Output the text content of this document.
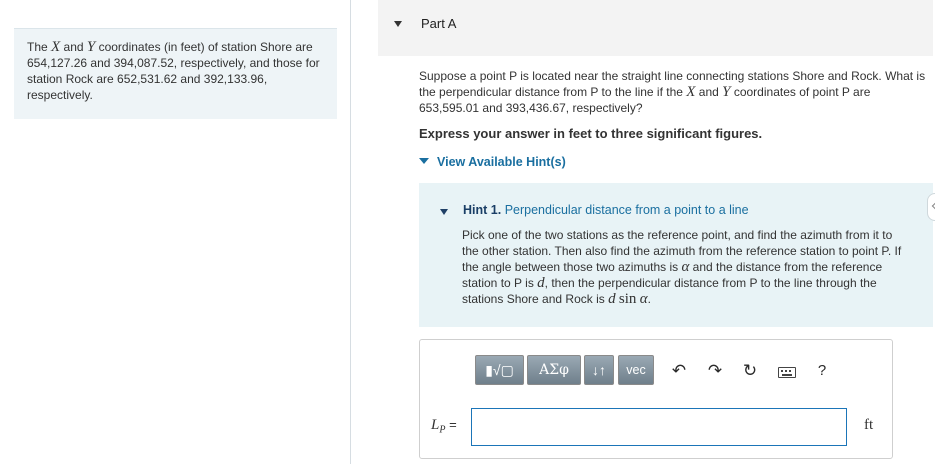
The X and Y coordinates (in feet) of station Shore are 654,127.26 and 394,087.52, respectively, and those for station Rock are 652,531.62 and 392,133.96, respectively.
Part A
Suppose a point P is located near the straight line connecting stations Shore and Rock. What is the perpendicular distance from P to the line if the X and Y coordinates of point P are 653,595.01 and 393,436.67, respectively?
Express your answer in feet to three significant figures.
View Available Hint(s)
Hint 1. Perpendicular distance from a point to a line
Pick one of the two stations as the reference point, and find the azimuth from it to the other station. Then also find the azimuth from the reference station to point P. If the angle between those two azimuths is α and the distance from the reference station to P is d, then the perpendicular distance from P to the line through the stations Shore and Rock is d sin α.
▮√▢	ΑΣφ	↓↑	vec	↶ ↷ ↻	?
$L_P$ =	ft
